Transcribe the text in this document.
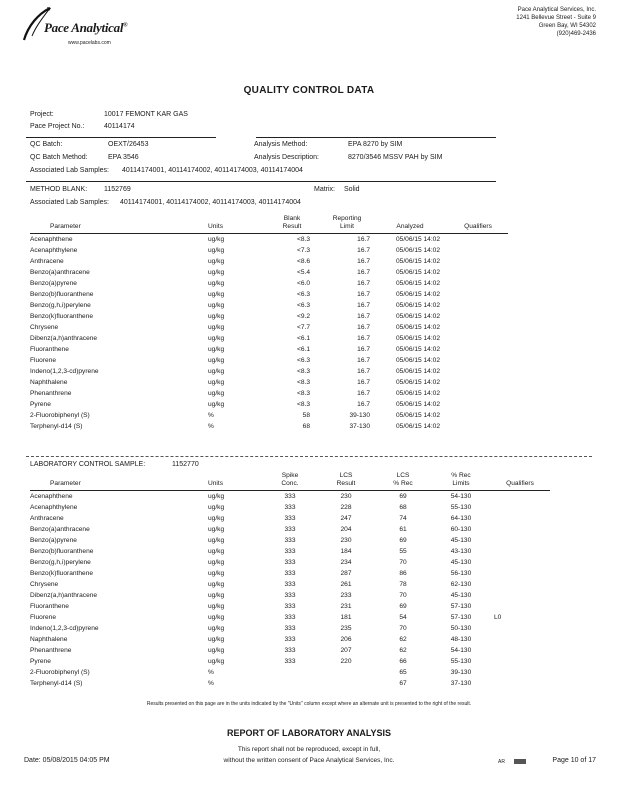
Pace Analytical®
www.pacelabs.com
Pace Analytical Services, Inc.
1241 Bellevue Street - Suite 9
Green Bay, WI 54302
(920)469-2436
QUALITY CONTROL DATA
Project:	10017 FEMONT KAR GAS
Pace Project No.:	40114174
QC Batch:	OEXT/26453	Analysis Method:	EPA 8270 by SIM
QC Batch Method:	EPA 3546	Analysis Description:	8270/3546 MSSV PAH by SIM
Associated Lab Samples: 40114174001, 40114174002, 40114174003, 40114174004
METHOD BLANK: 1152769	Matrix: Solid
Associated Lab Samples: 40114174001, 40114174002, 40114174003, 40114174004
Parameter	Units	Blank
Result	Reporting
Limit	Analyzed	Qualifiers

Acenaphthene	ug/kg	<8.3	16.7	05/06/15 14:02	
Acenaphthylene	ug/kg	<7.3	16.7	05/06/15 14:02	
Anthracene	ug/kg	<8.6	16.7	05/06/15 14:02	
Benzo(a)anthracene	ug/kg	<5.4	16.7	05/06/15 14:02	
Benzo(a)pyrene	ug/kg	<6.0	16.7	05/06/15 14:02	
Benzo(b)fluoranthene	ug/kg	<6.3	16.7	05/06/15 14:02	
Benzo(g,h,i)perylene	ug/kg	<6.3	16.7	05/06/15 14:02	
Benzo(k)fluoranthene	ug/kg	<9.2	16.7	05/06/15 14:02	
Chrysene	ug/kg	<7.7	16.7	05/06/15 14:02	
Dibenz(a,h)anthracene	ug/kg	<6.1	16.7	05/06/15 14:02	
Fluoranthene	ug/kg	<6.1	16.7	05/06/15 14:02	
Fluorene	ug/kg	<6.3	16.7	05/06/15 14:02	
Indeno(1,2,3-cd)pyrene	ug/kg	<8.3	16.7	05/06/15 14:02	
Naphthalene	ug/kg	<8.3	16.7	05/06/15 14:02	
Phenanthrene	ug/kg	<8.3	16.7	05/06/15 14:02	
Pyrene	ug/kg	<8.3	16.7	05/06/15 14:02	
2-Fluorobiphenyl (S)	%	58	39-130	05/06/15 14:02	
Terphenyl-d14 (S)	%	68	37-130	05/06/15 14:02	
LABORATORY CONTROL SAMPLE:	1152770
Parameter	Units	Spike
Conc.	LCS
Result	LCS
% Rec	% Rec
Limits	Qualifiers

Acenaphthene	ug/kg	333	230	69	54-130	
Acenaphthylene	ug/kg	333	228	68	55-130	
Anthracene	ug/kg	333	247	74	64-130	
Benzo(a)anthracene	ug/kg	333	204	61	60-130	
Benzo(a)pyrene	ug/kg	333	230	69	45-130	
Benzo(b)fluoranthene	ug/kg	333	184	55	43-130	
Benzo(g,h,i)perylene	ug/kg	333	234	70	45-130	
Benzo(k)fluoranthene	ug/kg	333	287	86	56-130	
Chrysene	ug/kg	333	261	78	62-130	
Dibenz(a,h)anthracene	ug/kg	333	233	70	45-130	
Fluoranthene	ug/kg	333	231	69	57-130	
Fluorene	ug/kg	333	181	54	57-130	L0
Indeno(1,2,3-cd)pyrene	ug/kg	333	235	70	50-130	
Naphthalene	ug/kg	333	206	62	48-130	
Phenanthrene	ug/kg	333	207	62	54-130	
Pyrene	ug/kg	333	220	66	55-130	
2-Fluorobiphenyl (S)	%			65	39-130	
Terphenyl-d14 (S)	%			67	37-130	
Results presented on this page are in the units indicated by the "Units" column except where an alternate unit is presented to the right of the result.
REPORT OF LABORATORY ANALYSIS
This report shall not be reproduced, except in full,
without the written consent of Pace Analytical Services, Inc.
Date: 05/08/2015 04:05 PM	AR	Page 10 of 17
